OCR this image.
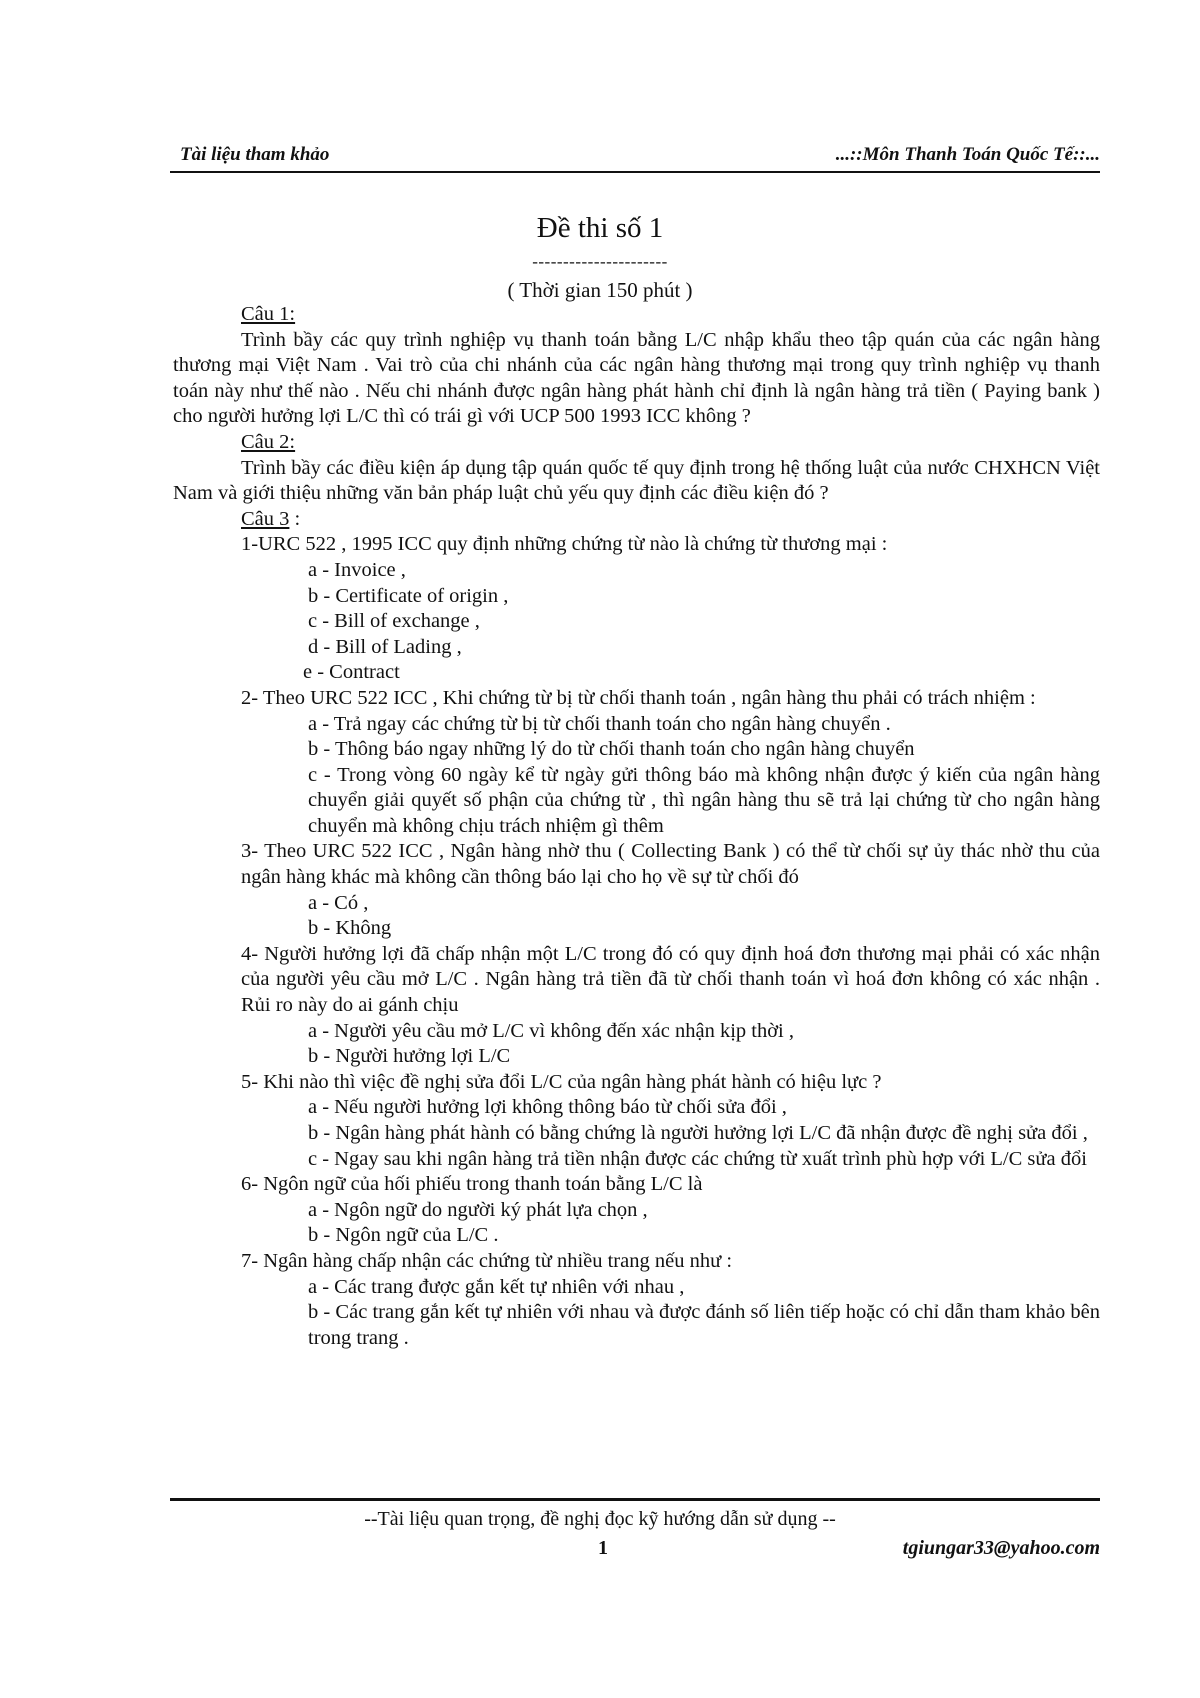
Tài liệu tham khảo	...::Môn Thanh Toán Quốc Tế::...
Đề thi số 1
----------------------
( Thời gian 150 phút )

Câu 1:

Trình bầy các quy trình nghiệp vụ thanh toán bằng L/C nhập khẩu theo tập quán của các ngân hàng thương mại Việt Nam . Vai trò của chi nhánh của các ngân hàng thương mại trong quy trình nghiệp vụ thanh toán này như thế nào . Nếu chi nhánh được ngân hàng phát hành chỉ định là ngân hàng trả tiền ( Paying bank ) cho người hưởng lợi L/C thì có trái gì với UCP 500 1993 ICC không ?

Câu 2:

Trình bầy các điều kiện áp dụng tập quán quốc tế quy định trong hệ thống luật của nước CHXHCN Việt Nam và giới thiệu những văn bản pháp luật chủ yếu quy định các điều kiện đó ?

Câu 3 :

1-URC 522 , 1995 ICC quy định những chứng từ nào là chứng từ thương mại :

a - Invoice ,

b - Certificate of origin ,

c - Bill of exchange ,

d - Bill of Lading ,

e - Contract

2- Theo URC 522 ICC , Khi chứng từ bị từ chối thanh toán , ngân hàng thu phải có trách nhiệm :

a - Trả ngay các chứng từ bị từ chối thanh toán cho ngân hàng chuyển .

b - Thông báo ngay những lý do từ chối thanh toán cho ngân hàng chuyển

c - Trong vòng 60 ngày kể từ ngày gửi thông báo mà không nhận được ý kiến của ngân hàng chuyển giải quyết số phận của chứng từ , thì ngân hàng thu sẽ trả lại chứng từ cho ngân hàng chuyển mà không chịu trách nhiệm gì thêm

3- Theo URC 522 ICC , Ngân hàng nhờ thu ( Collecting Bank ) có thể từ chối sự ủy thác nhờ thu của ngân hàng khác mà không cần thông báo lại cho họ về sự từ chối đó

a - Có ,

b - Không

4- Người hưởng lợi đã chấp nhận một L/C trong đó có quy định hoá đơn thương mại phải có xác nhận của người yêu cầu mở L/C . Ngân hàng trả tiền đã từ chối thanh toán vì hoá đơn không có xác nhận . Rủi ro này do ai gánh chịu

a - Người yêu cầu mở L/C vì không đến xác nhận kịp thời ,

b - Người hưởng lợi L/C

5- Khi nào thì việc đề nghị sửa đổi L/C của ngân hàng phát hành có hiệu lực ?

a - Nếu người hưởng lợi không thông báo từ chối sửa đổi ,

b - Ngân hàng phát hành có bằng chứng là người hưởng lợi L/C đã nhận được đề nghị sửa đổi ,

c - Ngay sau khi ngân hàng trả tiền nhận được các chứng từ xuất trình phù hợp với L/C sửa đổi

6- Ngôn ngữ của hối phiếu trong thanh toán bằng L/C là

a - Ngôn ngữ do người ký phát lựa chọn ,

b - Ngôn ngữ của L/C .

7- Ngân hàng chấp nhận các chứng từ nhiều trang nếu như :

a - Các trang được gắn kết tự nhiên với nhau ,

b - Các trang gắn kết tự nhiên với nhau và được đánh số liên tiếp hoặc có chỉ dẫn tham khảo bên trong trang .

--Tài liệu quan trọng, đề nghị đọc kỹ hướng dẫn sử dụng --
1	tgiungar33@yahoo.com
